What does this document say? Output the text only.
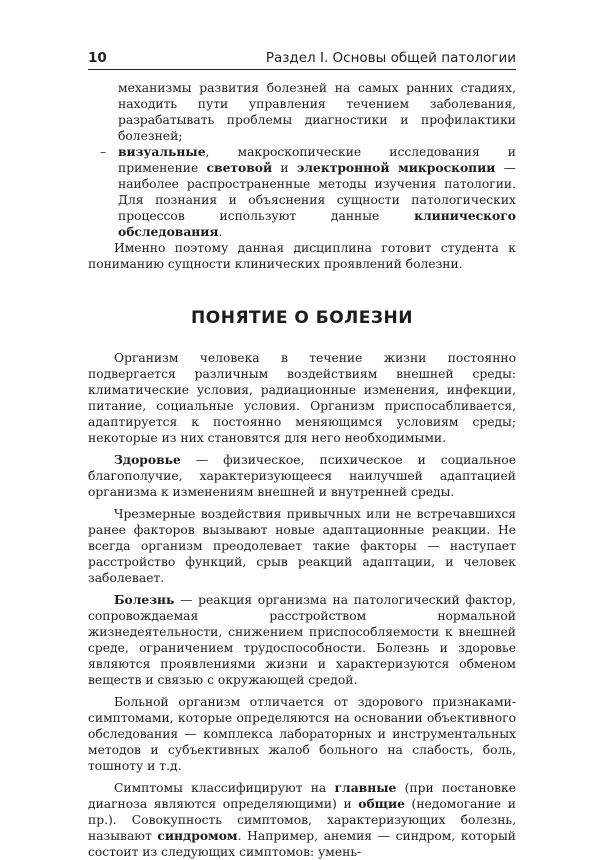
10	Раздел I. Основы общей патологии

механизмы развития болезней на самых ранних стадиях, находить пути управления течением заболевания, разрабатывать проблемы диагностики и профилактики болезней;

– визуальные, макроскопические исследования и применение световой и электронной микроскопии — наиболее распространенные методы изучения патологии. Для познания и объяснения сущности патологических процессов используют данные клинического обследования.

Именно поэтому данная дисциплина готовит студента к пониманию сущности клинических проявлений болезни.

ПОНЯТИЕ О БОЛЕЗНИ

Организм человека в течение жизни постоянно подвергается различным воздействиям внешней среды: климатические условия, радиационные изменения, инфекции, питание, социальные условия. Организм приспосабливается, адаптируется к постоянно меняющимся условиям среды; некоторые из них становятся для него необходимыми.

Здоровье — физическое, психическое и социальное благополучие, характеризующееся наилучшей адаптацией организма к изменениям внешней и внутренней среды.

Чрезмерные воздействия привычных или не встречавшихся ранее факторов вызывают новые адаптационные реакции. Не всегда организм преодолевает такие факторы — наступает расстройство функций, срыв реакций адаптации, и человек заболевает.

Болезнь — реакция организма на патологический фактор, сопровождаемая расстройством нормальной жизнедеятельности, снижением приспособляемости к внешней среде, ограничением трудоспособности. Болезнь и здоровье являются проявлениями жизни и характеризуются обменом веществ и связью с окружающей средой.

Больной организм отличается от здорового признаками-симптомами, которые определяются на основании объективного обследования — комплекса лабораторных и инструментальных методов и субъективных жалоб больного на слабость, боль, тошноту и т.д.

Симптомы классифицируют на главные (при постановке диагноза являются определяющими) и общие (недомогание и пр.). Совокупность симптомов, характеризующих болезнь, называют синдромом. Например, анемия — синдром, который состоит из следующих симптомов: умень-
